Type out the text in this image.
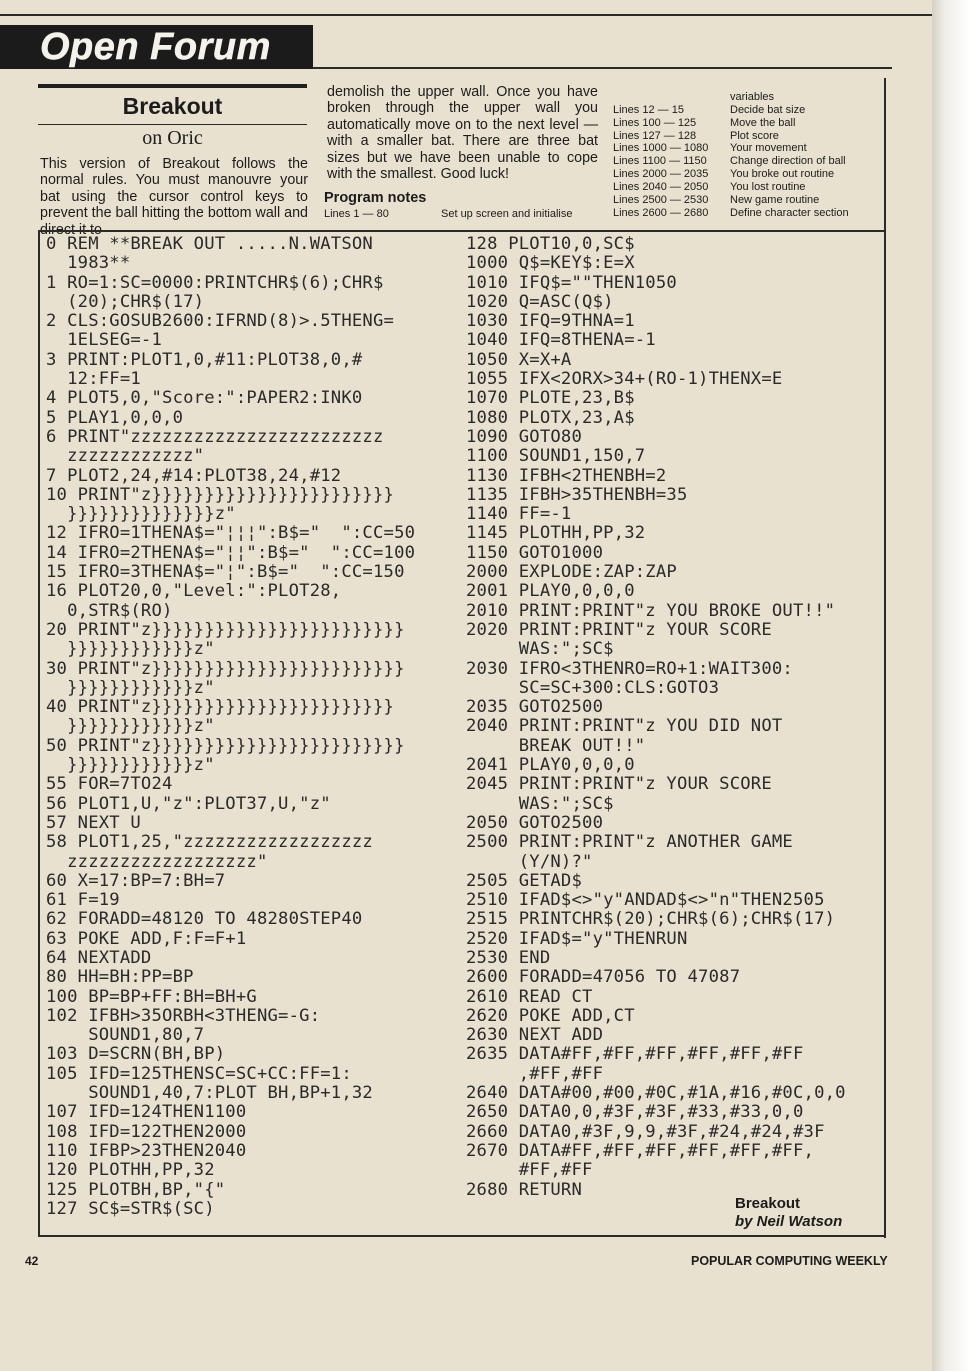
Open Forum
Breakout
on Oric
This version of Breakout follows the normal rules. You must manouvre your bat using the cursor control keys to prevent the ball hitting the bottom wall and direct it to
demolish the upper wall. Once you have broken through the upper wall you automatically move on to the next level — with a smaller bat. There are three bat sizes but we have been unable to cope with the smallest. Good luck!
Program notes
Lines 1 — 80	Set up screen and initialise
variables
Lines 12 — 15	Decide bat size
Lines 100 — 125	Move the ball
Lines 127 — 128	Plot score
Lines 1000 — 1080 Your movement
Lines 1100 — 1150 Change direction of ball
Lines 2000 — 2035 You broke out routine
Lines 2040 — 2050 You lost routine
Lines 2500 — 2530 New game routine
Lines 2600 — 2680 Define character section
0 REM **BREAK OUT .....N.WATSON
1983**
1 RO=1:SC=0000:PRINTCHR$(6);CHR$
(20);CHR$(17)
2 CLS:GOSUB2600:IFRND(8)>.5THENG=
1ELSEG=-1
3 PRINT:PLOT1,0,#11:PLOT38,0,#
12:FF=1
4 PLOT5,0,"Score:":PAPER2:INK0
5 PLAY1,0,0,0
6 PRINT"zzzzzzzzzzzzzzzzzzzzzzzz
zzzzzzzzzzzz"
7 PLOT2,24,#14:PLOT38,24,#12
10 PRINT"z}}}}}}}}}}}}}}}}}}}}}}}
}}}}}}}}}}}}}}z"
12 IFRO=1THENA$="¦¦¦":B$="  ":CC=50
14 IFRO=2THENA$="¦¦":B$="  ":CC=100
15 IFRO=3THENA$="¦":B$="  ":CC=150
16 PLOT20,0,"Level:":PLOT28,
0,STR$(RO)
20 PRINT"z}}}}}}}}}}}}}}}}}}}}}}}}
}}}}}}}}}}}}z"
30 PRINT"z}}}}}}}}}}}}}}}}}}}}}}}}
}}}}}}}}}}}}z"
40 PRINT"z}}}}}}}}}}}}}}}}}}}}}}}
}}}}}}}}}}}}z"
50 PRINT"z}}}}}}}}}}}}}}}}}}}}}}}}
}}}}}}}}}}}}z"
55 FOR=7TO24
56 PLOT1,U,"z":PLOT37,U,"z"
57 NEXT U
58 PLOT1,25,"zzzzzzzzzzzzzzzzzz
zzzzzzzzzzzzzzzzzz"
60 X=17:BP=7:BH=7
61 F=19
62 FORADD=48120 TO 48280STEP40
63 POKE ADD,F:F=F+1
64 NEXTADD
80 HH=BH:PP=BP
100 BP=BP+FF:BH=BH+G
102 IFBH>35ORBH<3THENG=-G:
SOUND1,80,7
103 D=SCRN(BH,BP)
105 IFD=125THENSC=SC+CC:FF=1:
SOUND1,40,7:PLOT BH,BP+1,32
107 IFD=124THEN1100
108 IFD=122THEN2000
110 IFBP>23THEN2040
120 PLOTHH,PP,32
125 PLOTBH,BP,"{"
127 SC$=STR$(SC)
128 PLOT10,0,SC$
1000 Q$=KEY$:E=X
1010 IFQ$=""THEN1050
1020 Q=ASC(Q$)
1030 IFQ=9THNA=1
1040 IFQ=8THENA=-1
1050 X=X+A
1055 IFX<2ORX>34+(RO-1)THENX=E
1070 PLOTE,23,B$
1080 PLOTX,23,A$
1090 GOTO80
1100 SOUND1,150,7
1130 IFBH<2THENBH=2
1135 IFBH>35THENBH=35
1140 FF=-1
1145 PLOTHH,PP,32
1150 GOTO1000
2000 EXPLODE:ZAP:ZAP
2001 PLAY0,0,0,0
2010 PRINT:PRINT"z YOU BROKE OUT!!"
2020 PRINT:PRINT"z YOUR SCORE
WAS:";SC$
2030 IFRO<3THENRO=RO+1:WAIT300:
SC=SC+300:CLS:GOTO3
2035 GOTO2500
2040 PRINT:PRINT"z YOU DID NOT
BREAK OUT!!"
2041 PLAY0,0,0,0
2045 PRINT:PRINT"z YOUR SCORE
WAS:";SC$
2050 GOTO2500
2500 PRINT:PRINT"z ANOTHER GAME
(Y/N)?"
2505 GETAD$
2510 IFAD$<>"y"ANDAD$<>"n"THEN2505
2515 PRINTCHR$(20);CHR$(6);CHR$(17)
2520 IFAD$="y"THENRUN
2530 END
2600 FORADD=47056 TO 47087
2610 READ CT
2620 POKE ADD,CT
2630 NEXT ADD
2635 DATA#FF,#FF,#FF,#FF,#FF,#FF
,#FF,#FF
2640 DATA#00,#00,#0C,#1A,#16,#0C,0,0
2650 DATA0,0,#3F,#3F,#33,#33,0,0
2660 DATA0,#3F,9,9,#3F,#24,#24,#3F
2670 DATA#FF,#FF,#FF,#FF,#FF,#FF,
#FF,#FF
2680 RETURN
Breakout
by Neil Watson
42	POPULAR COMPUTING WEEKLY
